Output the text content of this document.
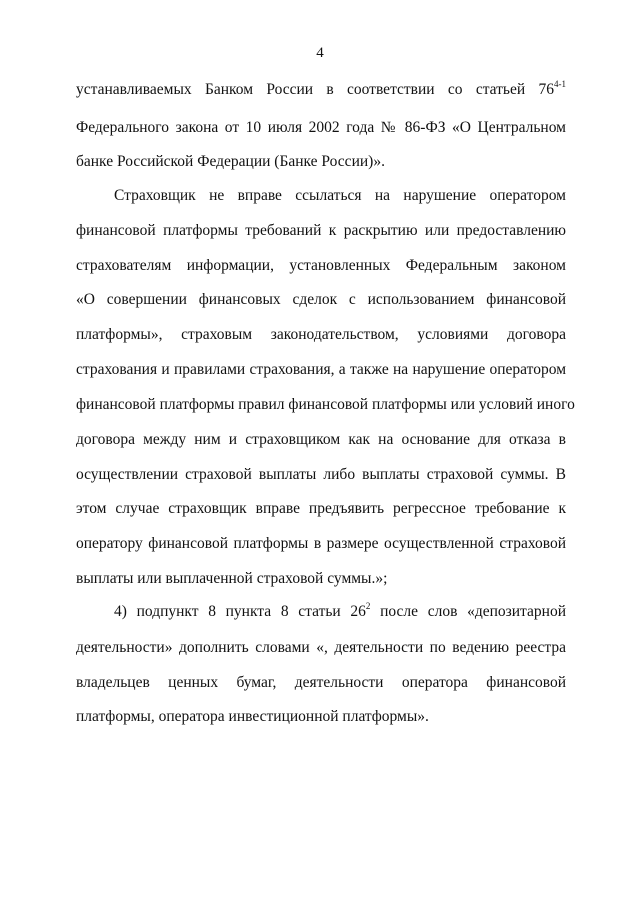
4
устанавливаемых Банком России в соответствии со статьей 76$^{4-1}$
Федерального закона от 10 июля 2002 года № 86-ФЗ «О Центральном
банке Российской Федерации (Банке России)».
Страховщик не вправе ссылаться на нарушение оператором
финансовой платформы требований к раскрытию или предоставлению
страхователям информации, установленных Федеральным законом
«О совершении финансовых сделок с использованием финансовой
платформы», страховым законодательством, условиями договора
страхования и правилами страхования, а также на нарушение оператором
финансовой платформы правил финансовой платформы или условий иного
договора между ним и страховщиком как на основание для отказа в
осуществлении страховой выплаты либо выплаты страховой суммы. В
этом случае страховщик вправе предъявить регрессное требование к
оператору финансовой платформы в размере осуществленной страховой
выплаты или выплаченной страховой суммы.»;
4) подпункт 8 пункта 8 статьи $26^2$ после слов «депозитарной
деятельности» дополнить словами «, деятельности по ведению реестра
владельцев ценных бумаг, деятельности оператора финансовой
платформы, оператора инвестиционной платформы».
